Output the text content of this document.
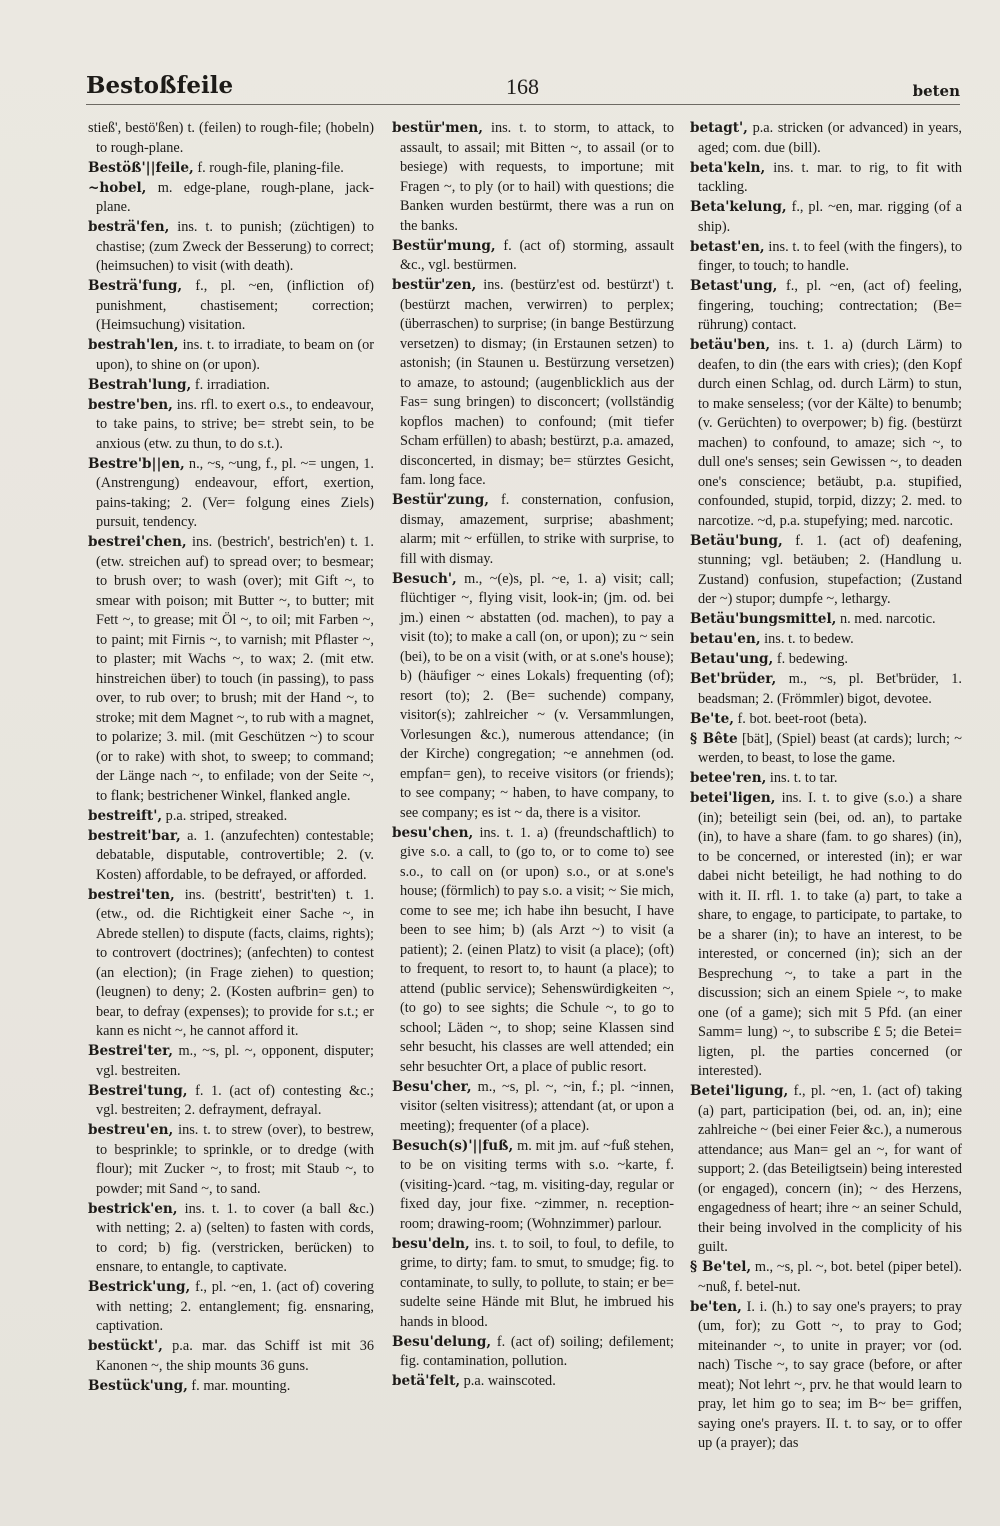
Bestoßfeile	168	beten

stieß', bestö'ßen) t. (feilen) to rough-file; (hobeln) to rough-plane.

Bestöß'||feile, f. rough-file, planing-file.

~hobel, m. edge-plane, rough-plane, jack-plane.

besträ'fen, ins. t. to punish; (züchtigen) to chastise; (zum Zweck der Besserung) to correct; (heimsuchen) to visit (with death).

Besträ'fung, f., pl. ~en, (infliction of) punishment, chastisement; correction; (Heimsuchung) visitation.

bestrah'len, ins. t. to irradiate, to beam on (or upon), to shine on (or upon).

Bestrah'lung, f. irradiation.

bestre'ben, ins. rfl. to exert o.s., to endeavour, to take pains, to strive; be= strebt sein, to be anxious (etw. zu thun, to do s.t.).

Bestre'b||en, n., ~s, ~ung, f., pl. ~= ungen, 1. (Anstrengung) endeavour, effort, exertion, pains-taking; 2. (Ver= folgung eines Ziels) pursuit, tendency.

bestrei'chen, ins. (bestrich', bestrich'en) t. 1. (etw. streichen auf) to spread over; to besmear; to brush over; to wash (over); mit Gift ~, to smear with poison; mit Butter ~, to butter; mit Fett ~, to grease; mit Öl ~, to oil; mit Farben ~, to paint; mit Firnis ~, to varnish; mit Pflaster ~, to plaster; mit Wachs ~, to wax; 2. (mit etw. hinstreichen über) to touch (in passing), to pass over, to rub over; to brush; mit der Hand ~, to stroke; mit dem Magnet ~, to rub with a magnet, to polarize; 3. mil. (mit Geschützen ~) to scour (or to rake) with shot, to sweep; to command; der Länge nach ~, to enfilade; von der Seite ~, to flank; bestrichener Winkel, flanked angle.

bestreift', p.a. striped, streaked.

bestreit'bar, a. 1. (anzufechten) contestable; debatable, disputable, controvertible; 2. (v. Kosten) affordable, to be defrayed, or afforded.

bestrei'ten, ins. (bestritt', bestrit'ten) t. 1. (etw., od. die Richtigkeit einer Sache ~, in Abrede stellen) to dispute (facts, claims, rights); to controvert (doctrines); (anfechten) to contest (an election); (in Frage ziehen) to question; (leugnen) to deny; 2. (Kosten aufbrin= gen) to bear, to defray (expenses); to provide for s.t.; er kann es nicht ~, he cannot afford it.

Bestrei'ter, m., ~s, pl. ~, opponent, disputer; vgl. bestreiten.

Bestrei'tung, f. 1. (act of) contesting &c.; vgl. bestreiten; 2. defrayment, defrayal.

bestreu'en, ins. t. to strew (over), to bestrew, to besprinkle; to sprinkle, or to dredge (with flour); mit Zucker ~, to frost; mit Staub ~, to powder; mit Sand ~, to sand.

bestrick'en, ins. t. 1. to cover (a ball &c.) with netting; 2. a) (selten) to fasten with cords, to cord; b) fig. (verstricken, berücken) to ensnare, to entangle, to captivate.

Bestrick'ung, f., pl. ~en, 1. (act of) covering with netting; 2. entanglement; fig. ensnaring, captivation.

bestückt', p.a. mar. das Schiff ist mit 36 Kanonen ~, the ship mounts 36 guns.

Bestück'ung, f. mar. mounting.

bestür'men, ins. t. to storm, to attack, to assault, to assail; mit Bitten ~, to assail (or to besiege) with requests, to importune; mit Fragen ~, to ply (or to hail) with questions; die Banken wurden bestürmt, there was a run on the banks.

Bestür'mung, f. (act of) storming, assault &c., vgl. bestürmen.

bestür'zen, ins. (bestürz'est od. bestürzt') t. (bestürzt machen, verwirren) to perplex; (überraschen) to surprise; (in bange Bestürzung versetzen) to dismay; (in Erstaunen setzen) to astonish; (in Staunen u. Bestürzung versetzen) to amaze, to astound; (augenblicklich aus der Fas= sung bringen) to disconcert; (vollständig kopflos machen) to confound; (mit tiefer Scham erfüllen) to abash; bestürzt, p.a. amazed, disconcerted, in dismay; be= stürztes Gesicht, fam. long face.

Bestür'zung, f. consternation, confusion, dismay, amazement, surprise; abashment; alarm; mit ~ erfüllen, to strike with surprise, to fill with dismay.

Besuch', m., ~(e)s, pl. ~e, 1. a) visit; call; flüchtiger ~, flying visit, look-in; (jm. od. bei jm.) einen ~ abstatten (od. machen), to pay a visit (to); to make a call (on, or upon); zu ~ sein (bei), to be on a visit (with, or at s.one's house); b) (häufiger ~ eines Lokals) frequenting (of); resort (to); 2. (Be= suchende) company, visitor(s); zahlreicher ~ (v. Versammlungen, Vorlesungen &c.), numerous attendance; (in der Kirche) congregation; ~e annehmen (od. empfan= gen), to receive visitors (or friends); to see company; ~ haben, to have company, to see company; es ist ~ da, there is a visitor.

besu'chen, ins. t. 1. a) (freundschaftlich) to give s.o. a call, to (go to, or to come to) see s.o., to call on (or upon) s.o., or at s.one's house; (förmlich) to pay s.o. a visit; ~ Sie mich, come to see me; ich habe ihn besucht, I have been to see him; b) (als Arzt ~) to visit (a patient); 2. (einen Platz) to visit (a place); (oft) to frequent, to resort to, to haunt (a place); to attend (public service); Sehenswürdigkeiten ~, (to go) to see sights; die Schule ~, to go to school; Läden ~, to shop; seine Klassen sind sehr besucht, his classes are well attended; ein sehr besuchter Ort, a place of public resort.

Besu'cher, m., ~s, pl. ~, ~in, f.; pl. ~innen, visitor (selten visitress); attendant (at, or upon a meeting); frequenter (of a place).

Besuch(s)'||fuß, m. mit jm. auf ~fuß stehen, to be on visiting terms with s.o. ~karte, f. (visiting-)card. ~tag, m. visiting-day, regular or fixed day, jour fixe. ~zimmer, n. reception-room; drawing-room; (Wohnzimmer) parlour.

besu'deln, ins. t. to soil, to foul, to defile, to grime, to dirty; fam. to smut, to smudge; fig. to contaminate, to sully, to pollute, to stain; er be= sudelte seine Hände mit Blut, he imbrued his hands in blood.

Besu'delung, f. (act of) soiling; defilement; fig. contamination, pollution.

betä'felt, p.a. wainscoted.

betagt', p.a. stricken (or advanced) in years, aged; com. due (bill).

beta'keln, ins. t. mar. to rig, to fit with tackling.

Beta'kelung, f., pl. ~en, mar. rigging (of a ship).

betast'en, ins. t. to feel (with the fingers), to finger, to touch; to handle.

Betast'ung, f., pl. ~en, (act of) feeling, fingering, touching; contrectation; (Be= rührung) contact.

betäu'ben, ins. t. 1. a) (durch Lärm) to deafen, to din (the ears with cries); (den Kopf durch einen Schlag, od. durch Lärm) to stun, to make senseless; (vor der Kälte) to benumb; (v. Gerüchten) to overpower; b) fig. (bestürzt machen) to confound, to amaze; sich ~, to dull one's senses; sein Gewissen ~, to deaden one's conscience; betäubt, p.a. stupified, confounded, stupid, torpid, dizzy; 2. med. to narcotize. ~d, p.a. stupefying; med. narcotic.

Betäu'bung, f. 1. (act of) deafening, stunning; vgl. betäuben; 2. (Handlung u. Zustand) confusion, stupefaction; (Zustand der ~) stupor; dumpfe ~, lethargy.

Betäu'bungsmittel, n. med. narcotic.

betau'en, ins. t. to bedew.

Betau'ung, f. bedewing.

Bet'brüder, m., ~s, pl. Bet'brüder, 1. beadsman; 2. (Frömmler) bigot, devotee.

Be'te, f. bot. beet-root (beta).

§ Bête [bät], (Spiel) beast (at cards); lurch; ~ werden, to beast, to lose the game.

betee'ren, ins. t. to tar.

betei'ligen, ins. I. t. to give (s.o.) a share (in); beteiligt sein (bei, od. an), to partake (in), to have a share (fam. to go shares) (in), to be concerned, or interested (in); er war dabei nicht beteiligt, he had nothing to do with it. II. rfl. 1. to take (a) part, to take a share, to engage, to participate, to partake, to be a sharer (in); to have an interest, to be interested, or concerned (in); sich an der Besprechung ~, to take a part in the discussion; sich an einem Spiele ~, to make one (of a game); sich mit 5 Pfd. (an einer Samm= lung) ~, to subscribe £ 5; die Betei= ligten, pl. the parties concerned (or interested).

Betei'ligung, f., pl. ~en, 1. (act of) taking (a) part, participation (bei, od. an, in); eine zahlreiche ~ (bei einer Feier &c.), a numerous attendance; aus Man= gel an ~, for want of support; 2. (das Beteiligtsein) being interested (or engaged), concern (in); ~ des Herzens, engagedness of heart; ihre ~ an seiner Schuld, their being involved in the complicity of his guilt.

§ Be'tel, m., ~s, pl. ~, bot. betel (piper betel). ~nuß, f. betel-nut.

be'ten, I. i. (h.) to say one's prayers; to pray (um, for); zu Gott ~, to pray to God; miteinander ~, to unite in prayer; vor (od. nach) Tische ~, to say grace (before, or after meat); Not lehrt ~, prv. he that would learn to pray, let him go to sea; im B~ be= griffen, saying one's prayers. II. t. to say, or to offer up (a prayer); das
